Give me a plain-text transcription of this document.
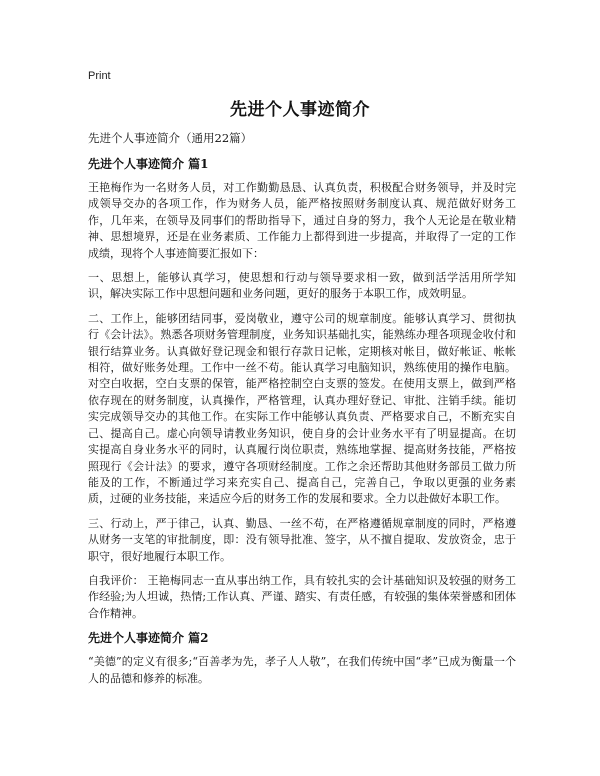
Print
先进个人事迹简介

先进个人事迹简介（通用22篇）

先进个人事迹简介 篇1

王艳梅作为一名财务人员，对工作勤勤恳恳、认真负责，积极配合财务领导，并及时完成领导交办的各项工作，作为财务人员，能严格按照财务制度认真、规范做好财务工作，几年来，在领导及同事们的帮助指导下，通过自身的努力，我个人无论是在敬业精神、思想境界，还是在业务素质、工作能力上都得到进一步提高，并取得了一定的工作成绩，现将个人事迹简要汇报如下：

一、思想上，能够认真学习，使思想和行动与领导要求相一致，做到活学活用所学知识，解决实际工作中思想问题和业务问题，更好的服务于本职工作，成效明显。

二、工作上，能够团结同事，爱岗敬业，遵守公司的规章制度。能够认真学习、贯彻执行《会计法》。熟悉各项财务管理制度，业务知识基础扎实，能熟练办理各项现金收付和银行结算业务。认真做好登记现金和银行存款日记帐，定期核对帐目，做好帐证、帐帐相符，做好账务处理。工作中一丝不苟。能认真学习电脑知识，熟练使用的操作电脑。对空白收据，空白支票的保管，能严格控制空白支票的签发。在使用支票上，做到严格依存现在的财务制度，认真操作，严格管理，认真办理好登记、审批、注销手续。能切实完成领导交办的其他工作。在实际工作中能够认真负责、严格要求自己，不断充实自己、提高自己。虚心向领导请教业务知识，使自身的会计业务水平有了明显提高。在切实提高自身业务水平的同时，认真履行岗位职责，熟练地掌握、提高财务技能，严格按照现行《会计法》的要求，遵守各项财经制度。工作之余还帮助其他财务部员工做力所能及的工作，不断通过学习来充实自己、提高自己，完善自己，争取以更强的业务素质，过硬的业务技能，来适应今后的财务工作的发展和要求。全力以赴做好本职工作。

三、行动上，严于律己，认真、勤恳、一丝不苟，在严格遵循规章制度的同时，严格遵从财务一支笔的审批制度，即：没有领导批准、签字，从不擅自提取、发放资金，忠于职守，很好地履行本职工作。

自我评价： 王艳梅同志一直从事出纳工作，具有较扎实的会计基础知识及较强的财务工作经验;为人坦诚，热情;工作认真、严谨、踏实、有责任感，有较强的集体荣誉感和团体合作精神。

先进个人事迹简介 篇2

“美德”的定义有很多;“百善孝为先，孝子人人敬”，在我们传统中国“孝”已成为衡量一个人的品德和修养的标准。
